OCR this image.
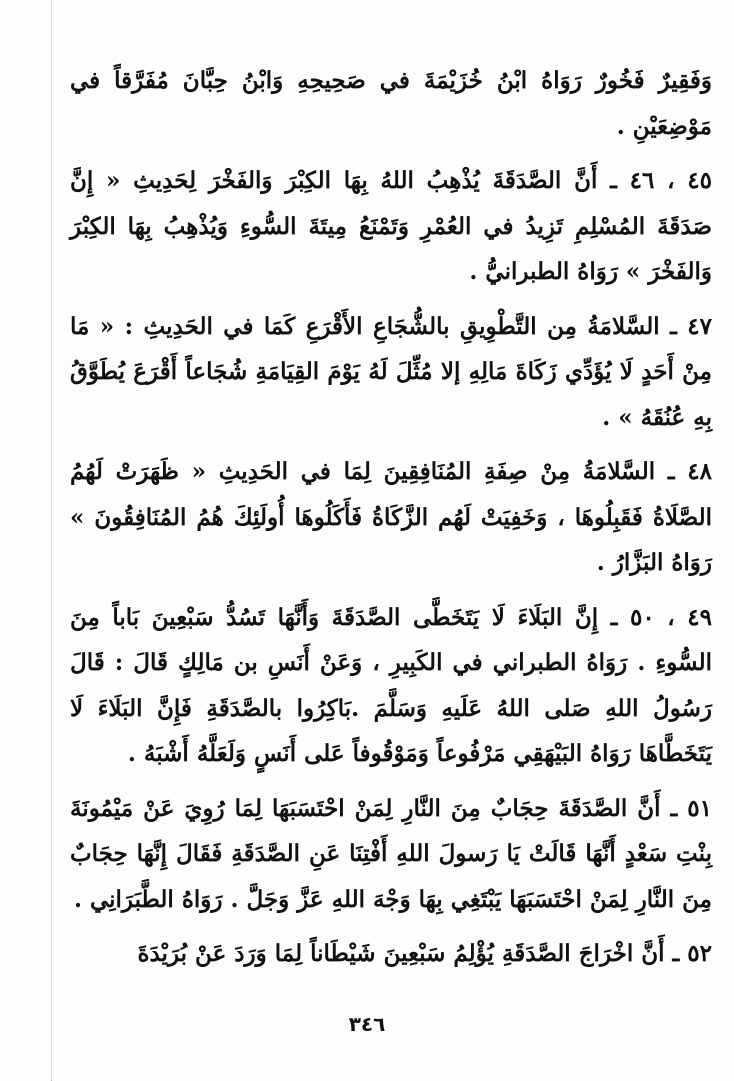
وَفَقِيرٌ فَخُورٌ رَوَاهُ ابْنُ خُزَيْمَةَ في صَحِيحِهِ وَابْنُ حِبَّانَ مُفَرَّقاً في مَوْضِعَيْنِ .

٤٥ ، ٤٦ ـ أَنَّ الصَّدَقَةَ يُذْهِبُ اللهُ بِهَا الكِبْرَ وَالفَخْرَ لِحَدِيثِ « إِنَّ صَدَقَةَ المُسْلِمِ تَزِيدُ في العُمْرِ وَتَمْنَعُ مِيتَةَ السُّوءِ وَيُذْهِبُ بِهَا الكِبْرَ وَالفَخْرَ » رَوَاهُ الطبرانيُّ .

٤٧ ـ السَّلامَةُ مِن التَّطْوِيقِ بالشُّجَاعِ الأَقْرَعِ كَمَا في الحَدِيثِ : « مَا مِنْ أَحَدٍ لَا يُؤَدِّي زَكَاةَ مَالِهِ إلا مُثِّلَ لَهُ يَوْمَ القِيَامَةِ شُجَاعاً أَقْرَعَ يُطَوَّقُ بِهِ عُنُقَهُ » .

٤٨ ـ السَّلامَةُ مِنْ صِفَةِ المُنَافِقِينَ لِمَا في الحَدِيثِ « ظَهَرَتْ لَهُمُ الصَّلَاةُ فَقَبِلُوهَا ، وَخَفِيَتْ لَهُم الزَّكَاةُ فَأَكَلُوهَا أُولَئِكَ هُمُ المُنَافِقُونَ » رَوَاهُ البَزَّارُ .

٤٩ ، ٥٠ ـ إِنَّ البَلَاءَ لَا يَتَخَطَّى الصَّدَقَةَ وَأَنَّهَا تَسُدُّ سَبْعِينَ بَاباً مِنَ السُّوءِ . رَوَاهُ الطبراني في الكَبِيرِ ، وَعَنْ أَنَسِ بن مَالِكٍ قَالَ : قَالَ رَسُولُ اللهِ صَلى اللهُ عَلَيهِ وَسَلَّمَ .بَاكِرُوا بالصَّدَقَةِ فَإِنَّ البَلَاءَ لَا يَتَخَطَّاهَا رَوَاهُ البَيْهَقِي مَرْفُوعاً وَمَوْقُوفاً عَلى أَنَسٍ وَلَعَلَّهُ أَشْبَهُ .

٥١ ـ أَنَّ الصَّدَقَةَ حِجَابٌ مِنَ النَّارِ لِمَنْ احْتَسَبَهَا لِمَا رُوِيَ عَنْ مَيْمُونَةَ بِنْتِ سَعْدٍ أَنَّهَا قَالَتْ يَا رَسولَ اللهِ أَفْتِنَا عَنِ الصَّدَقَةِ فَقَالَ إِنَّهَا حِجَابٌ مِنَ النَّارِ لِمَنْ احْتَسَبَهَا يَبْتَغِي بِهَا وَجْهَ اللهِ عَزَّ وَجَلَّ . رَوَاهُ الطَّبَرَانِي .

٥٢ ـ أَنَّ اخْرَاجَ الصَّدَقَةِ يُؤْلِمُ سَبْعِينَ شَيْطَاناً لِمَا وَرَدَ عَنْ بُرَيْدَةَ

٣٤٦
